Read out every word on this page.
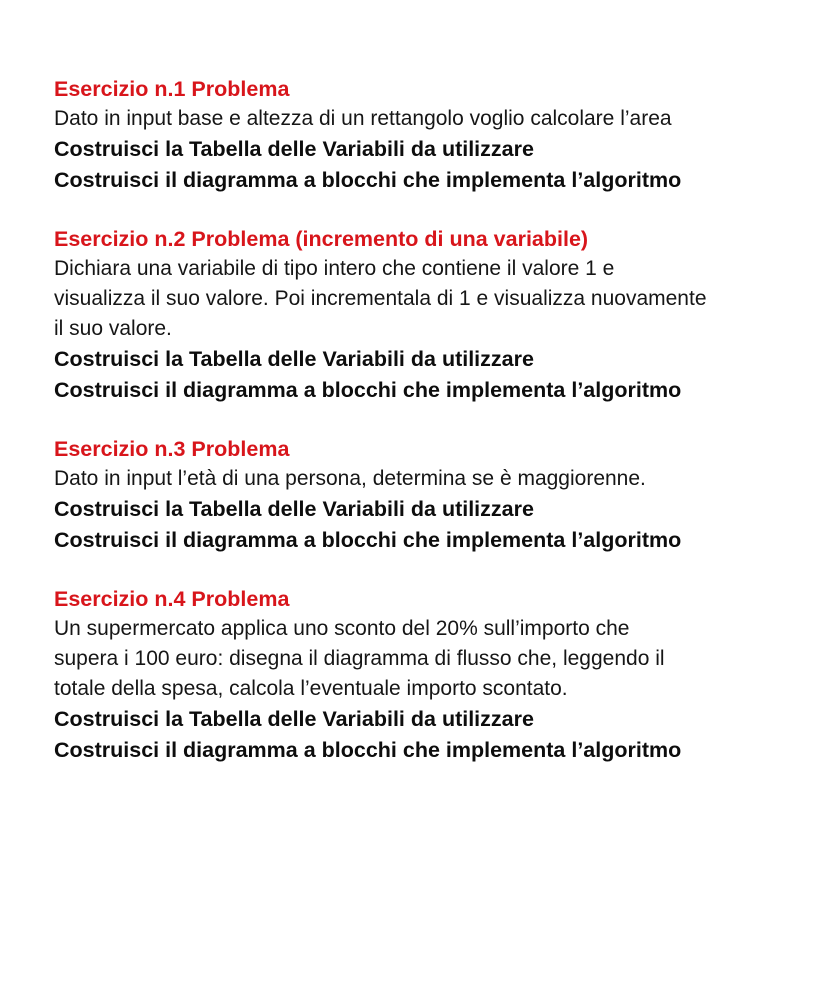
Esercizio n.1 Problema

Dato in input base e altezza di un rettangolo voglio calcolare l’area

Costruisci la Tabella delle Variabili da utilizzare

Costruisci il diagramma a blocchi che implementa l’algoritmo

Esercizio n.2 Problema (incremento di una variabile)

Dichiara una variabile di tipo intero che contiene il valore 1 e

visualizza il suo valore. Poi incrementala di 1 e visualizza nuovamente

il suo valore.

Costruisci la Tabella delle Variabili da utilizzare

Costruisci il diagramma a blocchi che implementa l’algoritmo

Esercizio n.3 Problema

Dato in input l’età di una persona, determina se è maggiorenne.

Costruisci la Tabella delle Variabili da utilizzare

Costruisci il diagramma a blocchi che implementa l’algoritmo

Esercizio n.4 Problema

Un supermercato applica uno sconto del 20% sull’importo che

supera i 100 euro: disegna il diagramma di flusso che, leggendo il

totale della spesa, calcola l’eventuale importo scontato.

Costruisci la Tabella delle Variabili da utilizzare

Costruisci il diagramma a blocchi che implementa l’algoritmo
